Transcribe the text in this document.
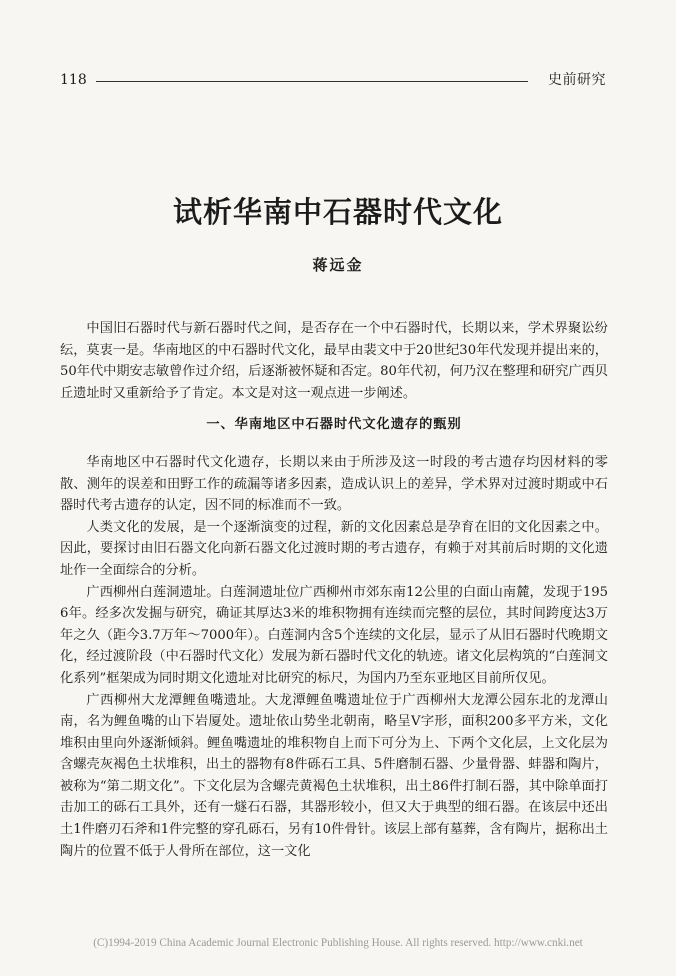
118	史前研究
试析华南中石器时代文化
蒋远金

中国旧石器时代与新石器时代之间，是否存在一个中石器时代，长期以来，学术界聚讼纷纭，莫衷一是。华南地区的中石器时代文化，最早由裴文中于20世纪30年代发现并提出来的，50年代中期安志敏曾作过介绍，后逐渐被怀疑和否定。80年代初，何乃汉在整理和研究广西贝丘遗址时又重新给予了肯定。本文是对这一观点进一步阐述。

一、华南地区中石器时代文化遗存的甄别

华南地区中石器时代文化遗存，长期以来由于所涉及这一时段的考古遗存均因材料的零散、测年的误差和田野工作的疏漏等诸多因素，造成认识上的差异，学术界对过渡时期或中石器时代考古遗存的认定，因不同的标准而不一致。

人类文化的发展，是一个逐渐演变的过程，新的文化因素总是孕育在旧的文化因素之中。因此，要探讨由旧石器文化向新石器文化过渡时期的考古遗存，有赖于对其前后时期的文化遗址作一全面综合的分析。

广西柳州白莲洞遗址。白莲洞遗址位广西柳州市郊东南12公里的白面山南麓，发现于1956年。经多次发掘与研究，确证其厚达3米的堆积物拥有连续而完整的层位，其时间跨度达3万年之久（距今3.7万年～7000年）。白莲洞内含5个连续的文化层，显示了从旧石器时代晚期文化，经过渡阶段（中石器时代文化）发展为新石器时代文化的轨迹。诸文化层构筑的“白莲洞文化系列”框架成为同时期文化遗址对比研究的标尺，为国内乃至东亚地区目前所仅见。

广西柳州大龙潭鲤鱼嘴遗址。大龙潭鲤鱼嘴遗址位于广西柳州大龙潭公园东北的龙潭山南，名为鲤鱼嘴的山下岩厦处。遗址依山势坐北朝南，略呈V字形，面积200多平方米，文化堆积由里向外逐渐倾斜。鲤鱼嘴遗址的堆积物自上而下可分为上、下两个文化层，上文化层为含螺壳灰褐色土状堆积，出土的器物有8件砾石工具、5件磨制石器、少量骨器、蚌器和陶片，被称为“第二期文化”。下文化层为含螺壳黄褐色土状堆积，出土86件打制石器，其中除单面打击加工的砾石工具外，还有一燧石石器，其器形较小，但又大于典型的细石器。在该层中还出土1件磨刃石斧和1件完整的穿孔砾石，另有10件骨针。该层上部有墓葬，含有陶片，据称出土陶片的位置不低于人骨所在部位，这一文化

(C)1994-2019 China Academic Journal Electronic Publishing House. All rights reserved. http://www.cnki.net
